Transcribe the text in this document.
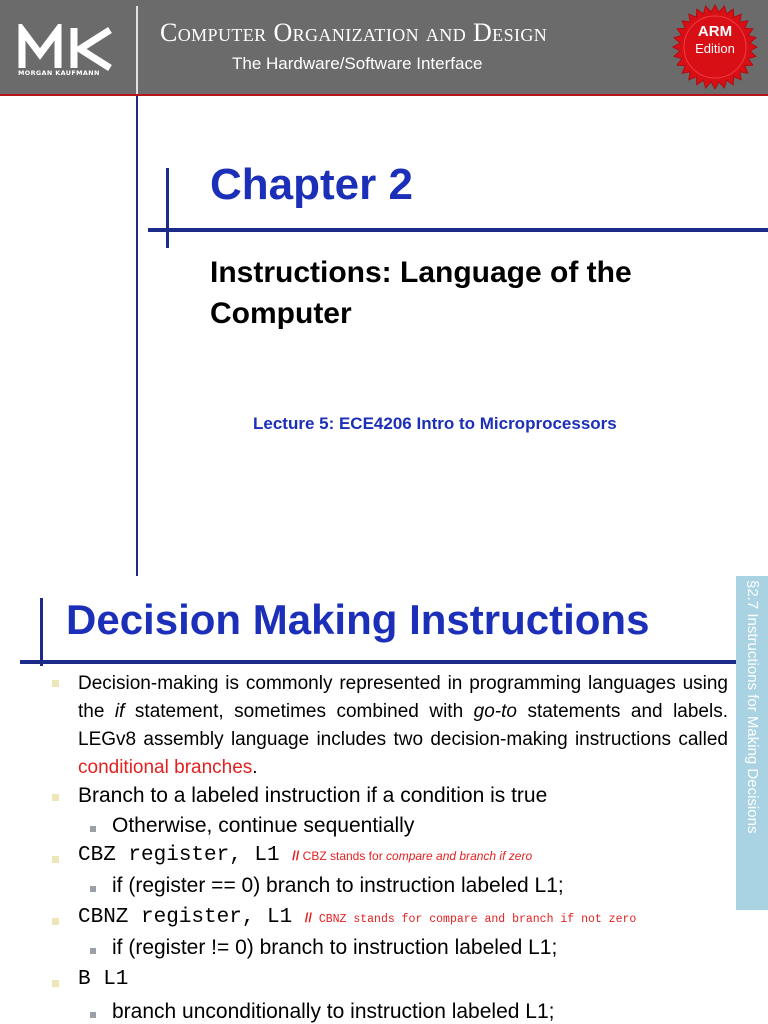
MORGAN KAUFMANN
Computer Organization and Design
The Hardware/Software Interface
ARM
Edition
Chapter 2
Instructions: Language of the Computer
Lecture 5: ECE4206 Intro to Microprocessors
Decision Making Instructions	§2.7 Instructions for Making Decisions
Decision-making is commonly represented in programming languages using the if statement, sometimes combined with go-to statements and labels. LEGv8 assembly language includes two decision-making instructions called conditional branches.
Branch to a labeled instruction if a condition is true
Otherwise, continue sequentially
CBZ register, L1 // CBZ stands for compare and branch if zero
if (register == 0) branch to instruction labeled L1;
CBNZ register, L1 // CBNZ stands for compare and branch if not zero
if (register != 0) branch to instruction labeled L1;
B L1
branch unconditionally to instruction labeled L1;
